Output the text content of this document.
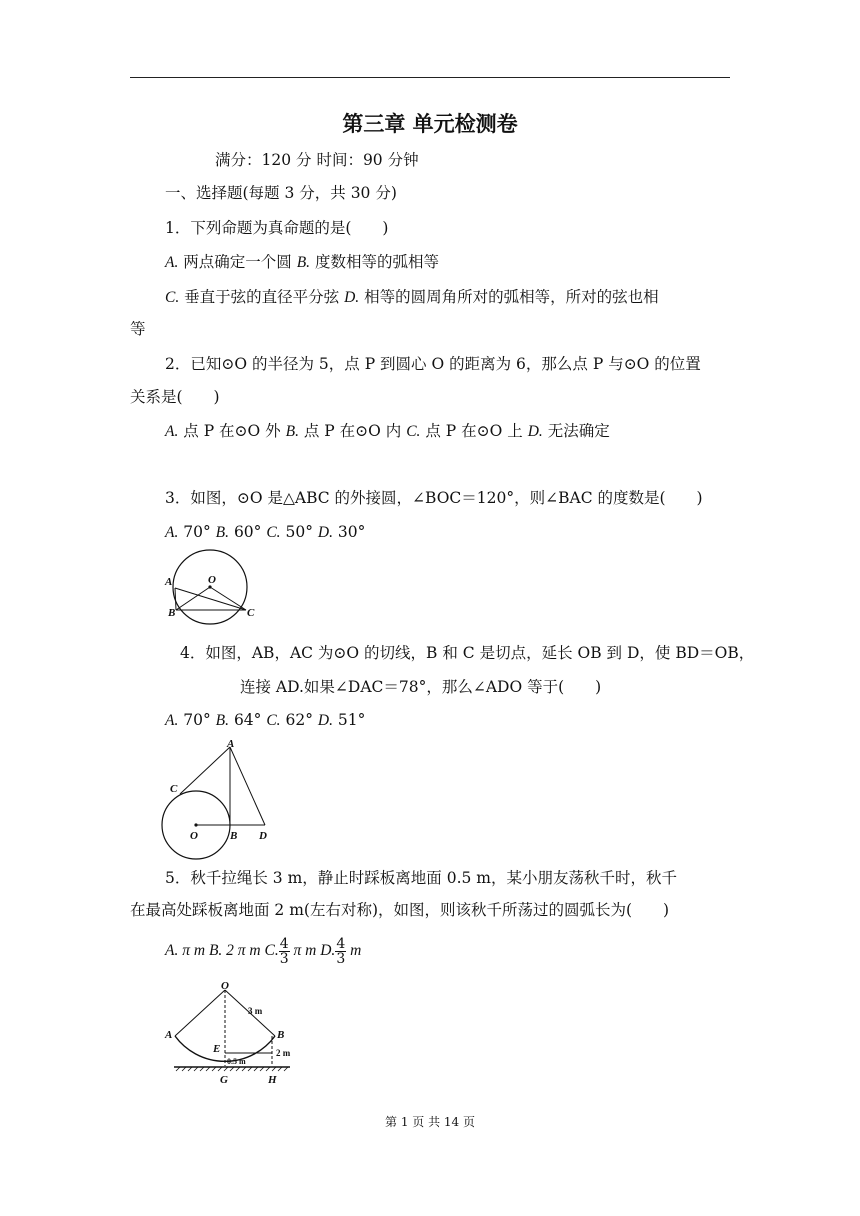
第三章 单元检测卷
满分：120 分 时间：90 分钟
一、选择题(每题 3 分，共 30 分)
1．下列命题为真命题的是(　　)
A. 两点确定一个圆 B. 度数相等的弧相等
C. 垂直于弦的直径平分弦 D. 相等的圆周角所对的弧相等，所对的弦也相
等
2．已知⊙O 的半径为 5，点 P 到圆心 O 的距离为 6，那么点 P 与⊙O 的位置
关系是(　　)
A. 点 P 在⊙O 外 B. 点 P 在⊙O 内 C. 点 P 在⊙O 上 D. 无法确定
3．如图，⊙O 是△ABC 的外接圆，∠BOC＝120°，则∠BAC 的度数是(　　)
A. 70° B. 60° C. 50° D. 30°
A	O
B	C
4．如图，AB，AC 为⊙O 的切线，B 和 C 是切点，延长 OB 到 D，使 BD＝OB，
连接 AD.如果∠DAC＝78°，那么∠ADO 等于(　　)
A. 70° B. 64° C. 62° D. 51°
A
C
O	B D
5．秋千拉绳长 3 m，静止时踩板离地面 0.5 m，某小朋友荡秋千时，秋千
在最高处踩板离地面 2 m(左右对称)，如图，则该秋千所荡过的圆弧长为(　　)
A. π m B. 2 π m C. $\frac{4}{3}$ π m D. $\frac{4}{3}$ m
O
A	B
E
G	H
3 m
0.5 m
2 m
第 1 页 共 14 页
